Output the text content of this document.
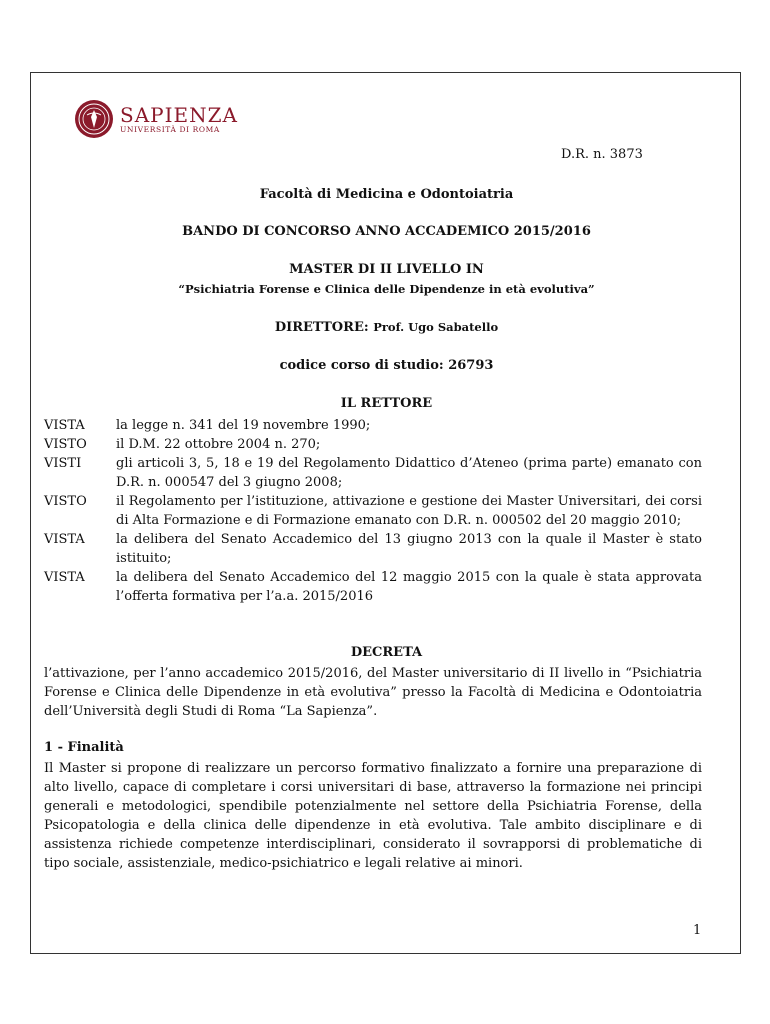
SAPIENZA
UNIVERSITÀ DI ROMA
D.R. n. 3873
Facoltà di Medicina e Odontoiatria
BANDO DI CONCORSO ANNO ACCADEMICO 2015/2016
MASTER DI II LIVELLO IN
“Psichiatria Forense e Clinica delle Dipendenze in età evolutiva”
DIRETTORE: Prof. Ugo Sabatello
codice corso di studio: 26793
IL RETTORE
VISTA	la legge n. 341 del 19 novembre 1990;
VISTO	il D.M. 22 ottobre 2004 n. 270;
VISTI	gli articoli 3, 5, 18 e 19 del Regolamento Didattico d’Ateneo (prima parte) emanato con D.R. n. 000547 del 3 giugno 2008;
VISTO	il Regolamento per l’istituzione, attivazione e gestione dei Master Universitari, dei corsi di Alta Formazione e di Formazione emanato con D.R. n. 000502 del 20 maggio 2010;
VISTA	la delibera del Senato Accademico del 13 giugno 2013 con la quale il Master è stato istituito;
VISTA	la delibera del Senato Accademico del 12 maggio 2015 con la quale è stata approvata l’offerta formativa per l’a.a. 2015/2016
DECRETA
l’attivazione, per l’anno accademico 2015/2016, del Master universitario di II livello in “Psichiatria Forense e Clinica delle Dipendenze in età evolutiva” presso la Facoltà di Medicina e Odontoiatria dell’Università degli Studi di Roma “La Sapienza”.
1 - Finalità
Il Master si propone di realizzare un percorso formativo finalizzato a fornire una preparazione di alto livello, capace di completare i corsi universitari di base, attraverso la formazione nei principi generali e metodologici, spendibile potenzialmente nel settore della Psichiatria Forense, della Psicopatologia e della clinica delle dipendenze in età evolutiva. Tale ambito disciplinare e di assistenza richiede competenze interdisciplinari, considerato il sovrapporsi di problematiche di tipo sociale, assistenziale, medico-psichiatrico e legali relative ai minori.
1
